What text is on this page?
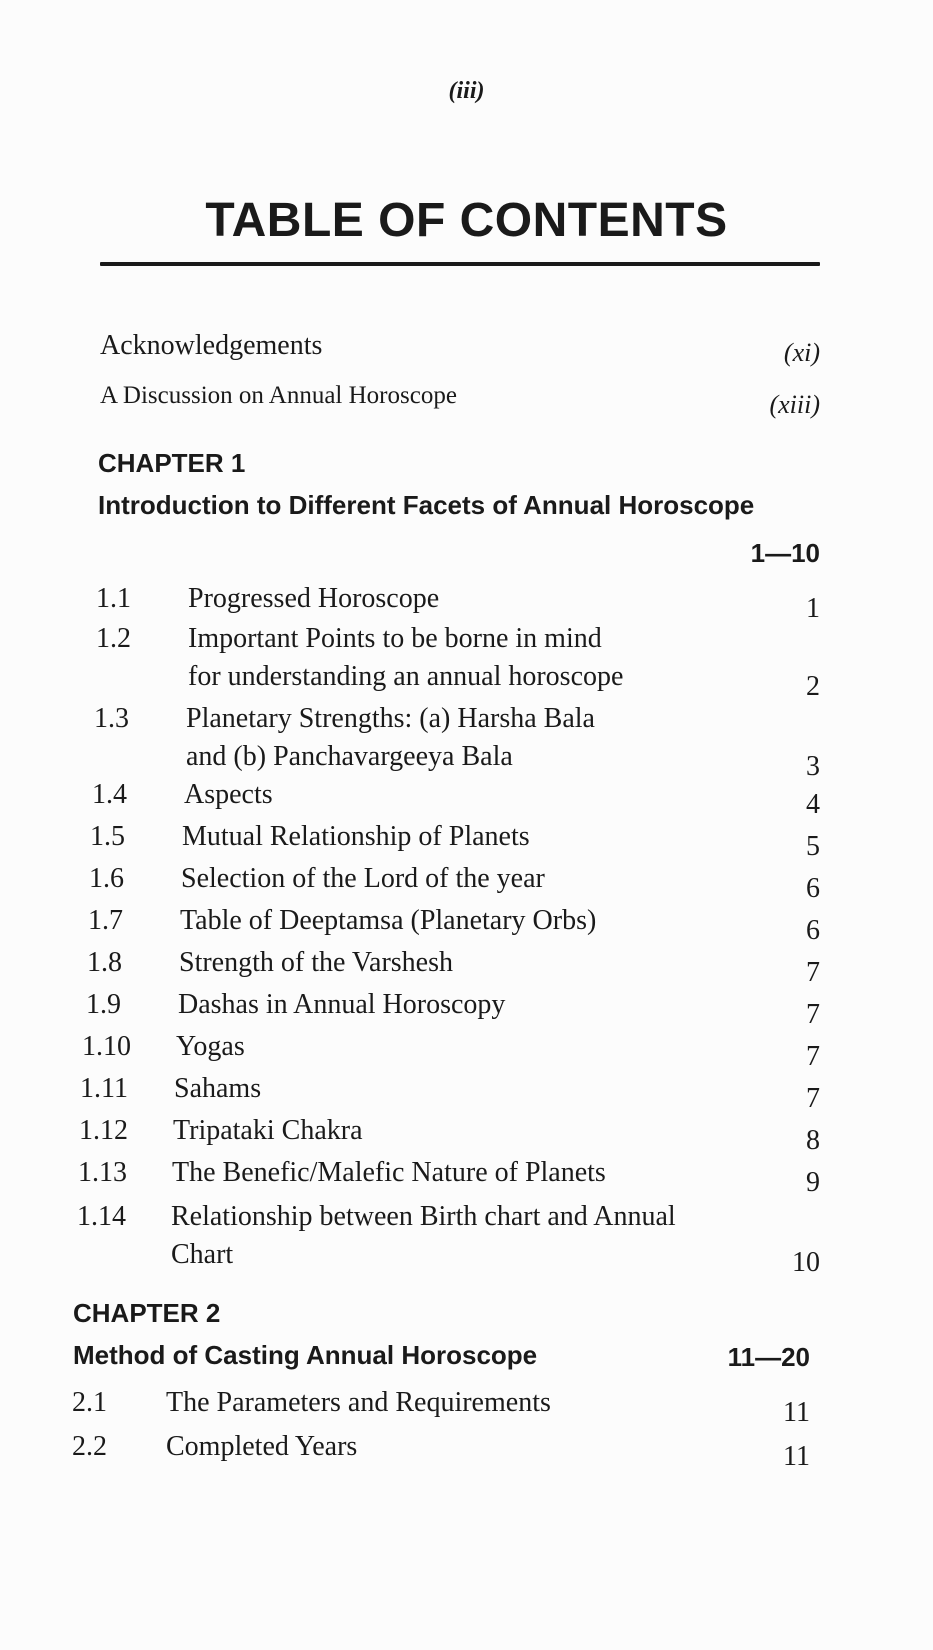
(iii)
TABLE OF CONTENTS
Acknowledgements	(xi)
A Discussion on Annual Horoscope	(xiii)
CHAPTER 1
Introduction to Different Facets of Annual Horoscope
1—10
1.1 Progressed Horoscope	1
1.2 Important Points to be borne in mind
for understanding an annual horoscope	2
1.3 Planetary Strengths: (a) Harsha Bala
and (b) Panchavargeeya Bala	3
1.4 Aspects	4
1.5 Mutual Relationship of Planets	5
1.6 Selection of the Lord of the year	6
1.7 Table of Deeptamsa (Planetary Orbs)	6
1.8 Strength of the Varshesh	7
1.9 Dashas in Annual Horoscopy	7
1.10 Yogas	7
1.11 Sahams	7
1.12 Tripataki Chakra	8
1.13 The Benefic/Malefic Nature of Planets	9
1.14 Relationship between Birth chart and Annual
Chart	10
CHAPTER 2
Method of Casting Annual Horoscope	11—20
2.1 The Parameters and Requirements	11
2.2 Completed Years	11
